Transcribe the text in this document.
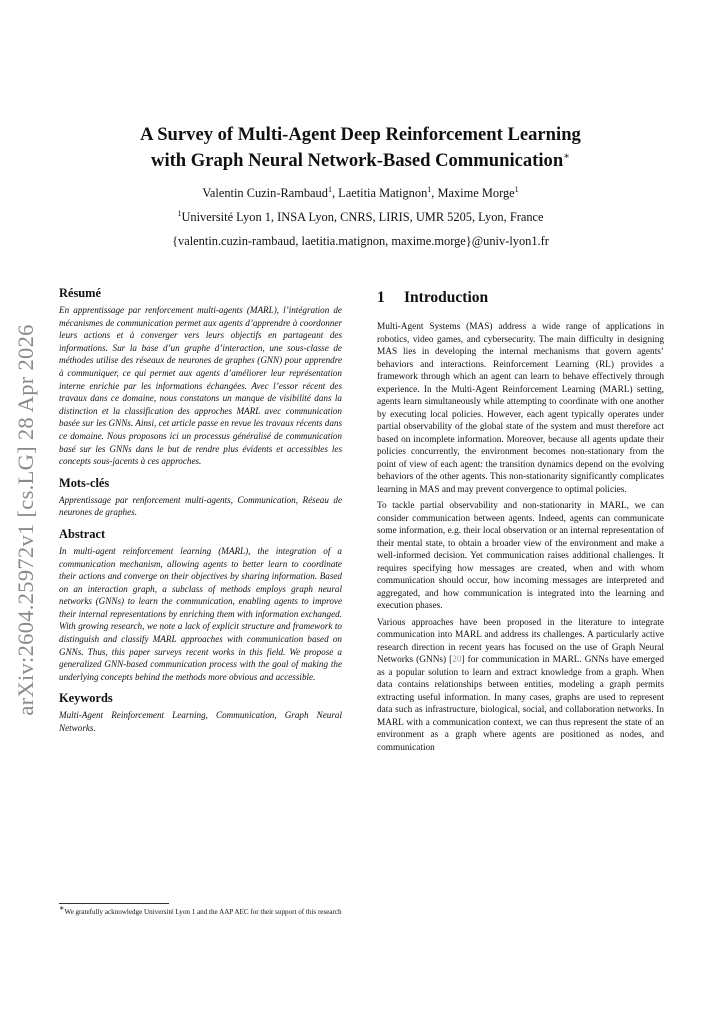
arXiv:2604.25972v1 [cs.LG] 28 Apr 2026
A Survey of Multi-Agent Deep Reinforcement Learning
with Graph Neural Network-Based Communication∗
Valentin Cuzin-Rambaud$^1$, Laetitia Matignon$^1$, Maxime Morge$^1$
$^1$Université Lyon 1, INSA Lyon, CNRS, LIRIS, UMR 5205, Lyon, France
{valentin.cuzin-rambaud, laetitia.matignon, maxime.morge}@univ-lyon1.fr
Résumé

En apprentissage par renforcement multi-agents (MARL), l’intégration de mécanismes de communication permet aux agents d’apprendre à coordonner leurs actions et à converger vers leurs objectifs en partageant des informations. Sur la base d’un graphe d’interaction, une sous-classe de méthodes utilise des réseaux de neurones de graphes (GNN) pour apprendre à communiquer, ce qui permet aux agents d’améliorer leur représentation interne enrichie par les informations échangées. Avec l’essor récent des travaux dans ce domaine, nous constatons un manque de visibilité dans la distinction et la classification des approches MARL avec communication basée sur les GNNs. Ainsi, cet article passe en revue les travaux récents dans ce domaine. Nous proposons ici un processus généralisé de communication basé sur les GNNs dans le but de rendre plus évidents et accessibles les concepts sous-jacents à ces approches.

Mots-clés

Apprentissage par renforcement multi-agents, Communication, Réseau de neurones de graphes.

Abstract

In multi-agent reinforcement learning (MARL), the integration of a communication mechanism, allowing agents to better learn to coordinate their actions and converge on their objectives by sharing information. Based on an interaction graph, a subclass of methods employs graph neural networks (GNNs) to learn the communication, enabling agents to improve their internal representations by enriching them with information exchanged. With growing research, we note a lack of explicit structure and framework to distinguish and classify MARL approaches with communication based on GNNs. Thus, this paper surveys recent works in this field. We propose a generalized GNN-based communication process with the goal of making the underlying concepts behind the methods more obvious and accessible.

Keywords

Multi-Agent Reinforcement Learning, Communication, Graph Neural Networks.

∗We gratefully acknowledge Université Lyon 1 and the AAP AEC for their support of this research
1 Introduction

Multi-Agent Systems (MAS) address a wide range of applications in robotics, video games, and cybersecurity. The main difficulty in designing MAS lies in developing the internal mechanisms that govern agents’ behaviors and interactions. Reinforcement Learning (RL) provides a framework through which an agent can learn to behave effectively through experience. In the Multi-Agent Reinforcement Learning (MARL) setting, agents learn simultaneously while attempting to coordinate with one another by executing local policies. However, each agent typically operates under partial observability of the global state of the system and must therefore act based on incomplete information. Moreover, because all agents update their policies concurrently, the environment becomes non-stationary from the point of view of each agent: the transition dynamics depend on the evolving behaviors of the other agents. This non-stationarity significantly complicates learning in MAS and may prevent convergence to optimal policies.

To tackle partial observability and non-stationarity in MARL, we can consider communication between agents. Indeed, agents can communicate some information, e.g. their local observation or an internal representation of their mental state, to obtain a broader view of the environment and make a well-informed decision. Yet communication raises additional challenges. It requires specifying how messages are created, when and with whom communication should occur, how incoming messages are interpreted and aggregated, and how communication is integrated into the learning and execution phases.

Various approaches have been proposed in the literature to integrate communication into MARL and address its challenges. A particularly active research direction in recent years has focused on the use of Graph Neural Networks (GNNs) [20] for communication in MARL. GNNs have emerged as a popular solution to learn and extract knowledge from a graph. When data contains relationships between entities, modeling a graph permits extracting useful information. In many cases, graphs are used to represent data such as infrastructure, biological, social, and collaboration networks. In MARL with a communication context, we can thus represent the state of an environment as a graph where agents are positioned as nodes, and communication
